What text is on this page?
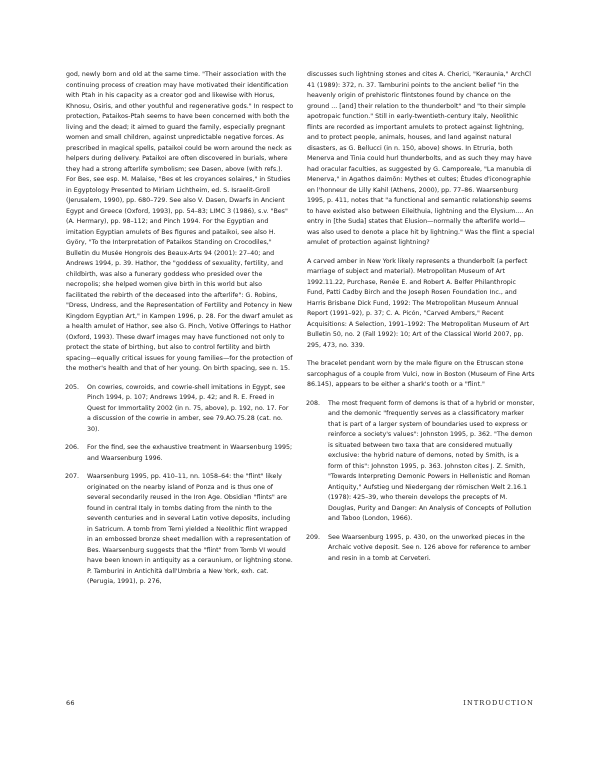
god, newly born and old at the same time. "Their association with the continuing process of creation may have motivated their identification with Ptah in his capacity as a creator god and likewise with Horus, Khnosu, Osiris, and other youthful and regenerative gods." In respect to protection, Pataikos-Ptah seems to have been concerned with both the living and the dead; it aimed to guard the family, especially pregnant women and small children, against unpredictable negative forces. As prescribed in magical spells, pataikoi could be worn around the neck as helpers during delivery. Pataikoi are often discovered in burials, where they had a strong afterlife symbolism; see Dasen, above (with refs.). For Bes, see esp. M. Malaise, "Bes et les croyances solaires," in Studies in Egyptology Presented to Miriam Lichtheim, ed. S. Israelit-Groll (Jerusalem, 1990), pp. 680–729. See also V. Dasen, Dwarfs in Ancient Egypt and Greece (Oxford, 1993), pp. 54–83; LIMC 3 (1986), s.v. "Bes" (A. Hermary), pp. 98–112; and Pinch 1994. For the Egyptian and imitation Egyptian amulets of Bes figures and pataikoi, see also H. Györy, "To the Interpretation of Pataikos Standing on Crocodiles," Bulletin du Musée Hongrois des Beaux-Arts 94 (2001): 27–40; and Andrews 1994, p. 39. Hathor, the "goddess of sexuality, fertility, and childbirth, was also a funerary goddess who presided over the necropolis; she helped women give birth in this world but also facilitated the rebirth of the deceased into the afterlife": G. Robins, "Dress, Undress, and the Representation of Fertility and Potency in New Kingdom Egyptian Art," in Kampen 1996, p. 28. For the dwarf amulet as a health amulet of Hathor, see also G. Pinch, Votive Offerings to Hathor (Oxford, 1993). These dwarf images may have functioned not only to protect the state of birthing, but also to control fertility and birth spacing—equally critical issues for young families—for the protection of the mother's health and that of her young. On birth spacing, see n. 15.

205. On cowries, cowroids, and cowrie-shell imitations in Egypt, see Pinch 1994, p. 107; Andrews 1994, p. 42; and R. E. Freed in Quest for Immortality 2002 (in n. 75, above), p. 192, no. 17. For a discussion of the cowrie in amber, see 79.AO.75.28 (cat. no. 30).
206. For the find, see the exhaustive treatment in Waarsenburg 1995; and Waarsenburg 1996.
207. Waarsenburg 1995, pp. 410–11, nn. 1058–64: the "flint" likely originated on the nearby island of Ponza and is thus one of several secondarily reused in the Iron Age. Obsidian "flints" are found in central Italy in tombs dating from the ninth to the seventh centuries and in several Latin votive deposits, including in Satricum. A tomb from Terni yielded a Neolithic flint wrapped in an embossed bronze sheet medallion with a representation of Bes. Waarsenburg suggests that the "flint" from Tomb VI would have been known in antiquity as a ceraunium, or lightning stone. P. Tamburini in Antichità dall'Umbria a New York, exh. cat. (Perugia, 1991), p. 276,

discusses such lightning stones and cites A. Cherici, "Keraunia," ArchCl 41 (1989): 372, n. 37. Tamburini points to the ancient belief "in the heavenly origin of prehistoric flintstones found by chance on the ground ... [and] their relation to the thunderbolt" and "to their simple apotropaic function." Still in early-twentieth-century Italy, Neolithic flints are recorded as important amulets to protect against lightning, and to protect people, animals, houses, and land against natural disasters, as G. Bellucci (in n. 150, above) shows. In Etruria, both Menerva and Tinia could hurl thunderbolts, and as such they may have had oracular faculties, as suggested by G. Camporeale, "La manubia di Menerva," in Agathos daimōn: Mythes et cultes; Études d'iconographie en l'honneur de Lilly Kahil (Athens, 2000), pp. 77–86. Waarsenburg 1995, p. 411, notes that "a functional and semantic relationship seems to have existed also between Eileithuia, lightning and the Elysium.... An entry in [the Suda] states that Elusion—normally the afterlife world—was also used to denote a place hit by lightning." Was the flint a special amulet of protection against lightning?

A carved amber in New York likely represents a thunderbolt (a perfect marriage of subject and material). Metropolitan Museum of Art 1992.11.22, Purchase, Renée E. and Robert A. Belfer Philanthropic Fund, Patti Cadby Birch and the Joseph Rosen Foundation Inc., and Harris Brisbane Dick Fund, 1992: The Metropolitan Museum Annual Report (1991–92), p. 37; C. A. Picón, "Carved Ambers," Recent Acquisitions: A Selection, 1991–1992: The Metropolitan Museum of Art Bulletin 50, no. 2 (Fall 1992): 10; Art of the Classical World 2007, pp. 295, 473, no. 339.

The bracelet pendant worn by the male figure on the Etruscan stone sarcophagus of a couple from Vulci, now in Boston (Museum of Fine Arts 86.145), appears to be either a shark's tooth or a "flint."

208. The most frequent form of demons is that of a hybrid or monster, and the demonic "frequently serves as a classificatory marker that is part of a larger system of boundaries used to express or reinforce a society's values": Johnston 1995, p. 362. "The demon is situated between two taxa that are considered mutually exclusive: the hybrid nature of demons, noted by Smith, is a form of this": Johnston 1995, p. 363. Johnston cites J. Z. Smith, "Towards Interpreting Demonic Powers in Hellenistic and Roman Antiquity," Aufstieg und Niedergang der römischen Welt 2.16.1 (1978): 425–39, who therein develops the precepts of M. Douglas, Purity and Danger: An Analysis of Concepts of Pollution and Taboo (London, 1966).
209. See Waarsenburg 1995, p. 430, on the unworked pieces in the Archaic votive deposit. See n. 126 above for reference to amber and resin in a tomb at Cerveteri.
66	INTRODUCTION
